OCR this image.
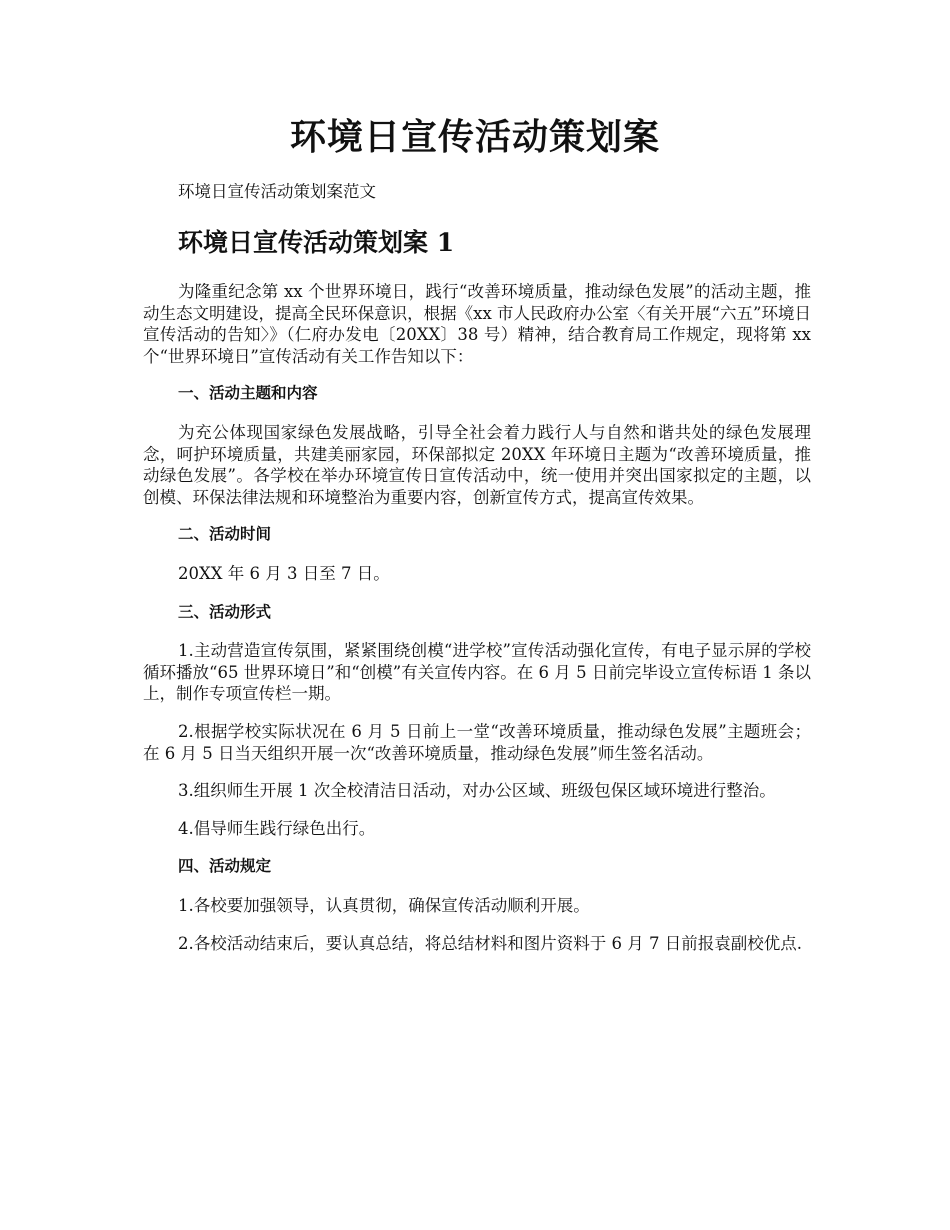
环境日宣传活动策划案
环境日宣传活动策划案范文
环境日宣传活动策划案 1

为隆重纪念第 xx 个世界环境日，践行“改善环境质量，推动绿色发展”的活动主题，推动生态文明建设，提高全民环保意识，根据《xx 市人民政府办公室〈有关开展“六五”环境日宣传活动的告知〉》（仁府办发电〔20XX〕38 号）精神，结合教育局工作规定，现将第 xx 个“世界环境日”宣传活动有关工作告知以下：

一、活动主题和内容

为充公体现国家绿色发展战略，引导全社会着力践行人与自然和谐共处的绿色发展理念，呵护环境质量，共建美丽家园，环保部拟定 20XX 年环境日主题为“改善环境质量，推动绿色发展”。各学校在举办环境宣传日宣传活动中，统一使用并突出国家拟定的主题，以创模、环保法律法规和环境整治为重要内容，创新宣传方式，提高宣传效果。

二、活动时间

20XX 年 6 月 3 日至 7 日。

三、活动形式

1.主动营造宣传氛围，紧紧围绕创模“进学校”宣传活动强化宣传，有电子显示屏的学校循环播放“65 世界环境日”和“创模”有关宣传内容。在 6 月 5 日前完毕设立宣传标语 1 条以上，制作专项宣传栏一期。

2.根据学校实际状况在 6 月 5 日前上一堂“改善环境质量，推动绿色发展”主题班会；在 6 月 5 日当天组织开展一次“改善环境质量，推动绿色发展”师生签名活动。

3.组织师生开展 1 次全校清洁日活动，对办公区域、班级包保区域环境进行整治。

4.倡导师生践行绿色出行。

四、活动规定

1.各校要加强领导，认真贯彻，确保宣传活动顺利开展。

2.各校活动结束后，要认真总结，将总结材料和图片资料于 6 月 7 日前报袁副校优点.
